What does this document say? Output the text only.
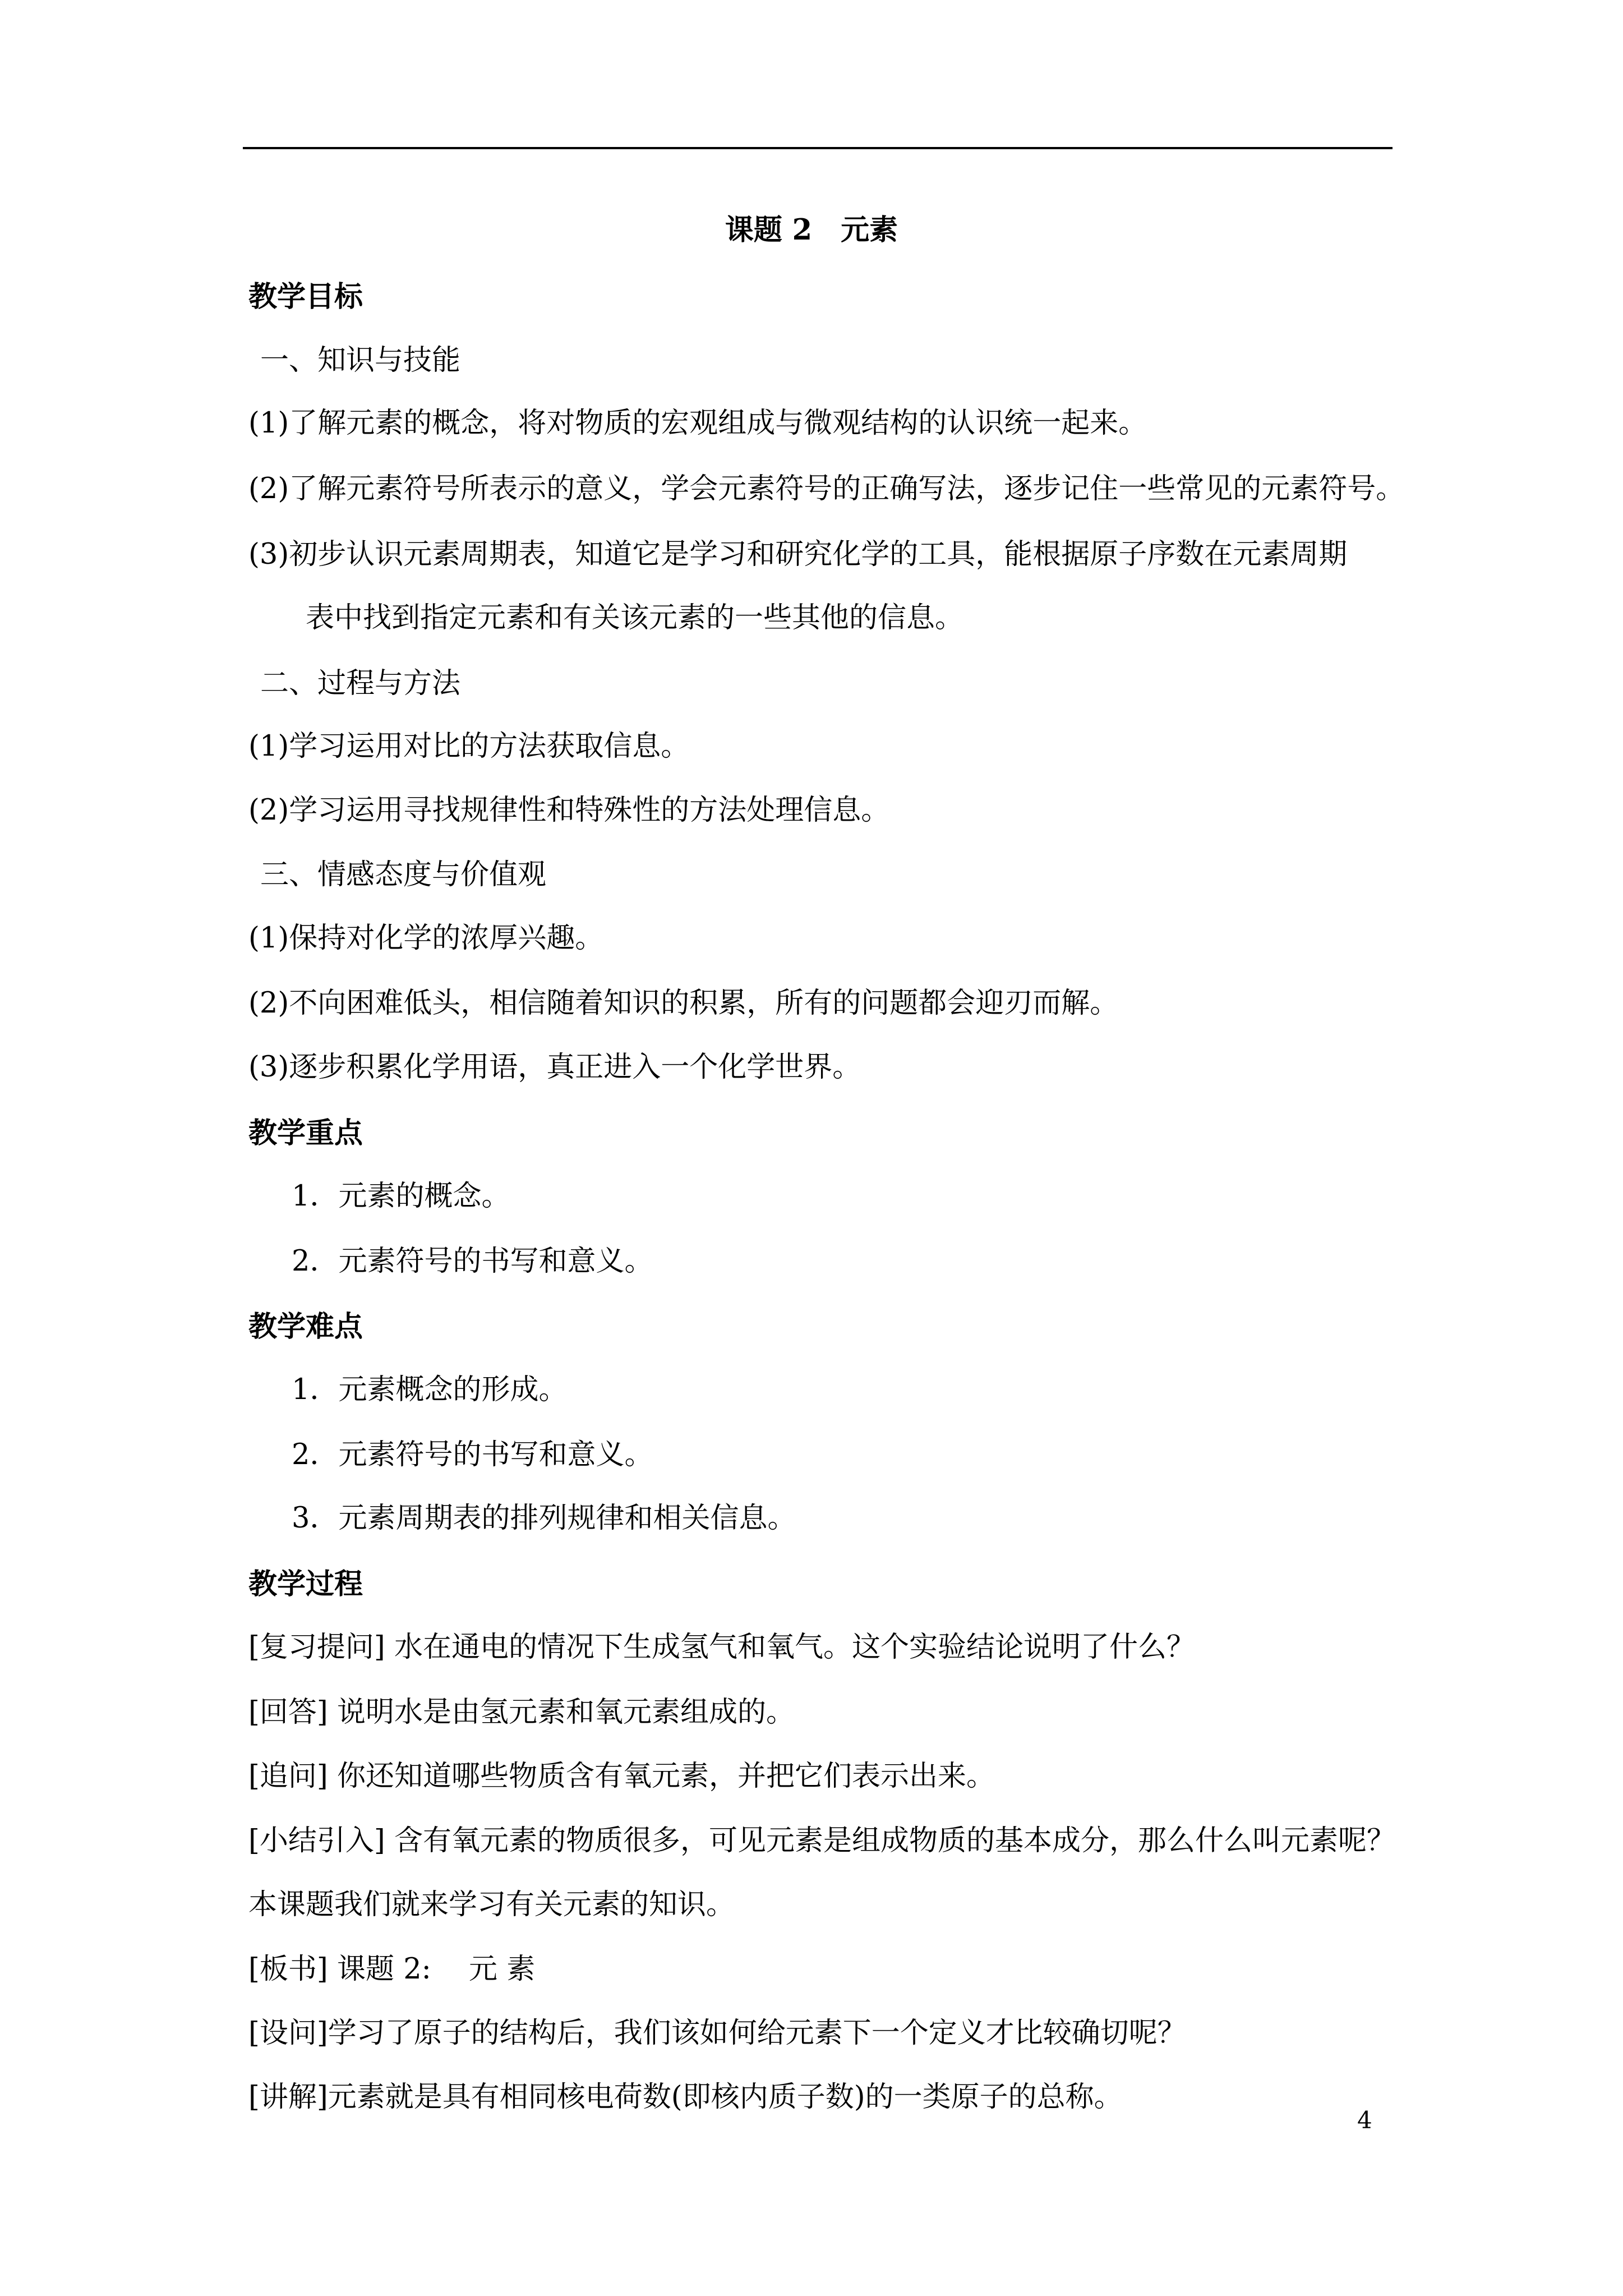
课题 2　元素
教学目标
一、知识与技能
(1)了解元素的概念，将对物质的宏观组成与微观结构的认识统一起来。
(2)了解元素符号所表示的意义，学会元素符号的正确写法，逐步记住一些常见的元素符号。
(3)初步认识元素周期表，知道它是学习和研究化学的工具，能根据原子序数在元素周期
表中找到指定元素和有关该元素的一些其他的信息。
二、过程与方法
(1)学习运用对比的方法获取信息。
(2)学习运用寻找规律性和特殊性的方法处理信息。
三、情感态度与价值观
(1)保持对化学的浓厚兴趣。
(2)不向困难低头，相信随着知识的积累，所有的问题都会迎刃而解。
(3)逐步积累化学用语，真正进入一个化学世界。
教学重点
1．元素的概念。
2．元素符号的书写和意义。
教学难点
1．元素概念的形成。
2．元素符号的书写和意义。
3．元素周期表的排列规律和相关信息。
教学过程
[复习提问] 水在通电的情况下生成氢气和氧气。这个实验结论说明了什么？
[回答] 说明水是由氢元素和氧元素组成的。
[追问] 你还知道哪些物质含有氧元素，并把它们表示出来。
[小结引入] 含有氧元素的物质很多，可见元素是组成物质的基本成分，那么什么叫元素呢？
本课题我们就来学习有关元素的知识。
[板书] 课题 2:　 元 素
[设问]学习了原子的结构后，我们该如何给元素下一个定义才比较确切呢？
[讲解]元素就是具有相同核电荷数(即核内质子数)的一类原子的总称。
4
